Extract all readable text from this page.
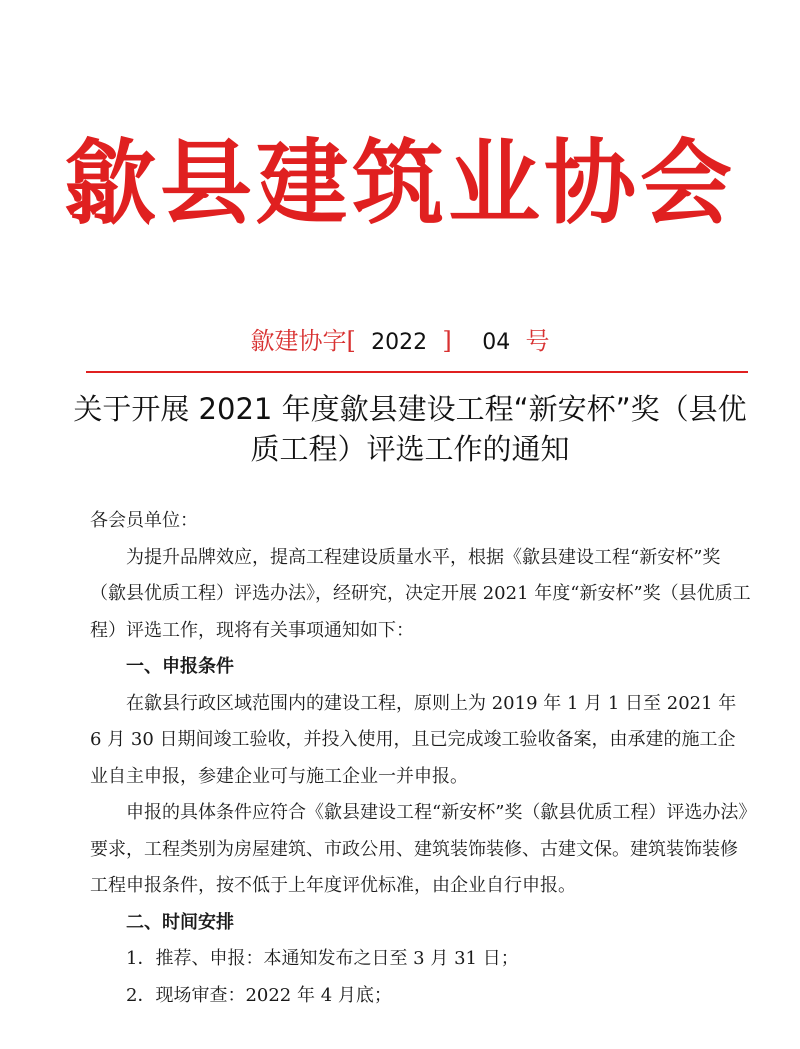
歙县建筑业协会
歙建协字[ 2022 ] 04 号
关于开展 2021 年度歙县建设工程“新安杯”奖（县优质工程）评选工作的通知

各会员单位：

为提升品牌效应，提高工程建设质量水平，根据《歙县建设工程“新安杯”奖（歙县优质工程）评选办法》，经研究，决定开展 2021 年度“新安杯”奖（县优质工程）评选工作，现将有关事项通知如下：

一、申报条件

在歙县行政区域范围内的建设工程，原则上为 2019 年 1 月 1 日至 2021 年 6 月 30 日期间竣工验收，并投入使用，且已完成竣工验收备案，由承建的施工企业自主申报，参建企业可与施工企业一并申报。

申报的具体条件应符合《歙县建设工程“新安杯”奖（歙县优质工程）评选办法》要求，工程类别为房屋建筑、市政公用、建筑装饰装修、古建文保。建筑装饰装修工程申报条件，按不低于上年度评优标准，由企业自行申报。

二、时间安排

1．推荐、申报：本通知发布之日至 3 月 31 日；

2．现场审查：2022 年 4 月底；
